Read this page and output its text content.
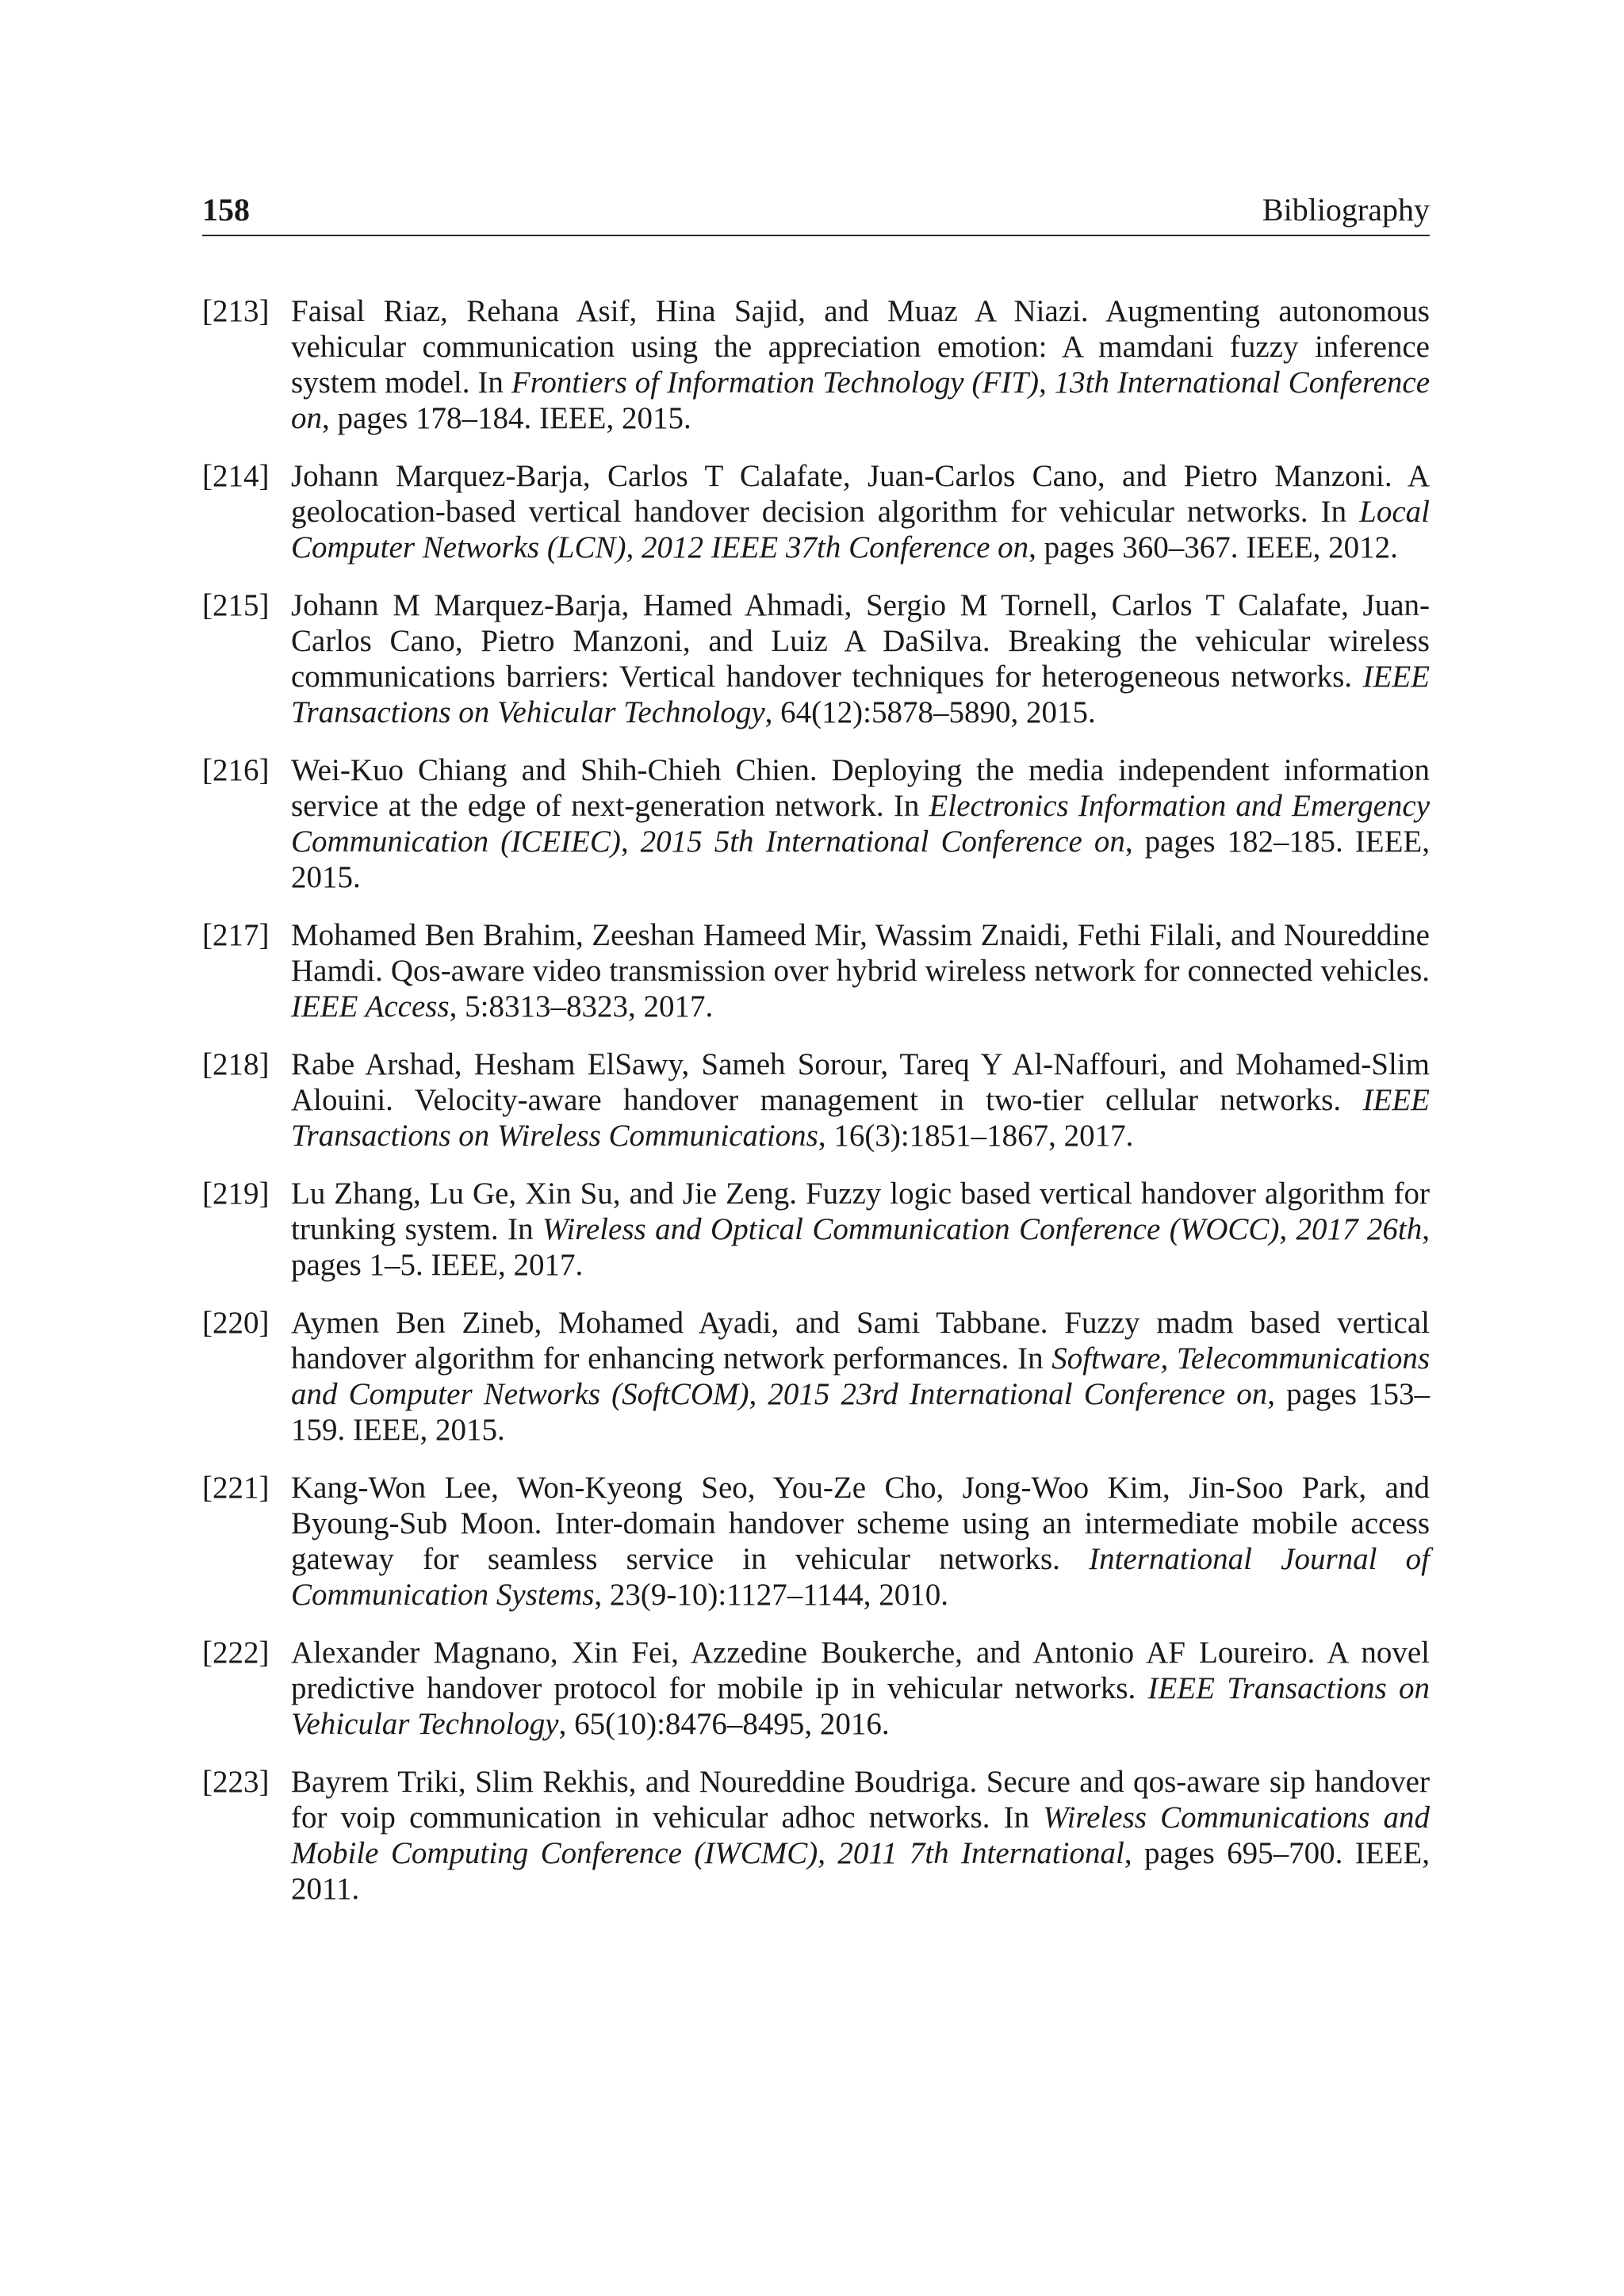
158	Bibliography
[213] Faisal Riaz, Rehana Asif, Hina Sajid, and Muaz A Niazi. Augmenting autonomous vehicular communication using the appreciation emotion: A mamdani fuzzy inference system model. In Frontiers of Information Technology (FIT), 13th International Conference on, pages 178–184. IEEE, 2015.
[214] Johann Marquez-Barja, Carlos T Calafate, Juan-Carlos Cano, and Pietro Manzoni. A geolocation-based vertical handover decision algorithm for vehicular networks. In Local Computer Networks (LCN), 2012 IEEE 37th Conference on, pages 360–367. IEEE, 2012.
[215] Johann M Marquez-Barja, Hamed Ahmadi, Sergio M Tornell, Carlos T Calafate, Juan-Carlos Cano, Pietro Manzoni, and Luiz A DaSilva. Breaking the vehicular wireless communications barriers: Vertical handover techniques for heterogeneous networks. IEEE Transactions on Vehicular Technology, 64(12):5878–5890, 2015.
[216] Wei-Kuo Chiang and Shih-Chieh Chien. Deploying the media independent information service at the edge of next-generation network. In Electronics Information and Emergency Communication (ICEIEC), 2015 5th International Conference on, pages 182–185. IEEE, 2015.
[217] Mohamed Ben Brahim, Zeeshan Hameed Mir, Wassim Znaidi, Fethi Filali, and Noureddine Hamdi. Qos-aware video transmission over hybrid wireless network for connected vehicles. IEEE Access, 5:8313–8323, 2017.
[218] Rabe Arshad, Hesham ElSawy, Sameh Sorour, Tareq Y Al-Naffouri, and Mohamed-Slim Alouini. Velocity-aware handover management in two-tier cellular networks. IEEE Transactions on Wireless Communications, 16(3):1851–1867, 2017.
[219] Lu Zhang, Lu Ge, Xin Su, and Jie Zeng. Fuzzy logic based vertical handover algorithm for trunking system. In Wireless and Optical Communication Conference (WOCC), 2017 26th, pages 1–5. IEEE, 2017.
[220] Aymen Ben Zineb, Mohamed Ayadi, and Sami Tabbane. Fuzzy madm based vertical handover algorithm for enhancing network performances. In Software, Telecommunications and Computer Networks (SoftCOM), 2015 23rd International Conference on, pages 153–159. IEEE, 2015.
[221] Kang-Won Lee, Won-Kyeong Seo, You-Ze Cho, Jong-Woo Kim, Jin-Soo Park, and Byoung-Sub Moon. Inter-domain handover scheme using an intermediate mobile access gateway for seamless service in vehicular networks. International Journal of Communication Systems, 23(9-10):1127–1144, 2010.
[222] Alexander Magnano, Xin Fei, Azzedine Boukerche, and Antonio AF Loureiro. A novel predictive handover protocol for mobile ip in vehicular networks. IEEE Transactions on Vehicular Technology, 65(10):8476–8495, 2016.
[223] Bayrem Triki, Slim Rekhis, and Noureddine Boudriga. Secure and qos-aware sip handover for voip communication in vehicular adhoc networks. In Wireless Communications and Mobile Computing Conference (IWCMC), 2011 7th International, pages 695–700. IEEE, 2011.
